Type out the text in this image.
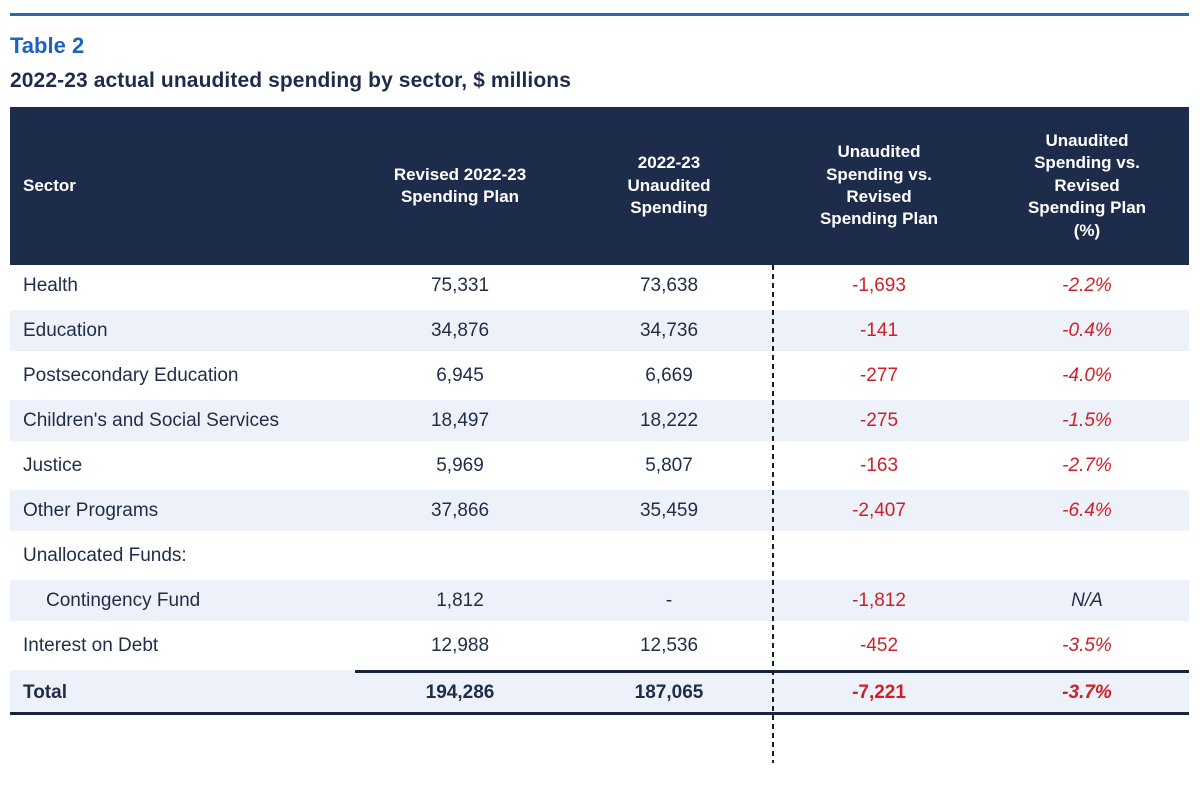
Table 2
2022-23 actual unaudited spending by sector, $ millions
Sector	Revised 2022-23 Spending Plan	2022-23 Unaudited Spending	Unaudited Spending vs. Revised Spending Plan	Unaudited Spending vs. Revised Spending Plan (%)

Health	75,331	73,638	-1,693	-2.2%
Education	34,876	34,736	-141	-0.4%
Postsecondary Education	6,945	6,669	-277	-4.0%
Children's and Social Services	18,497	18,222	-275	-1.5%
Justice	5,969	5,807	-163	-2.7%
Other Programs	37,866	35,459	-2,407	-6.4%
Unallocated Funds:				
Contingency Fund	1,812	-	-1,812	N/A
Interest on Debt	12,988	12,536	-452	-3.5%
Total	194,286	187,065	-7,221	-3.7%
